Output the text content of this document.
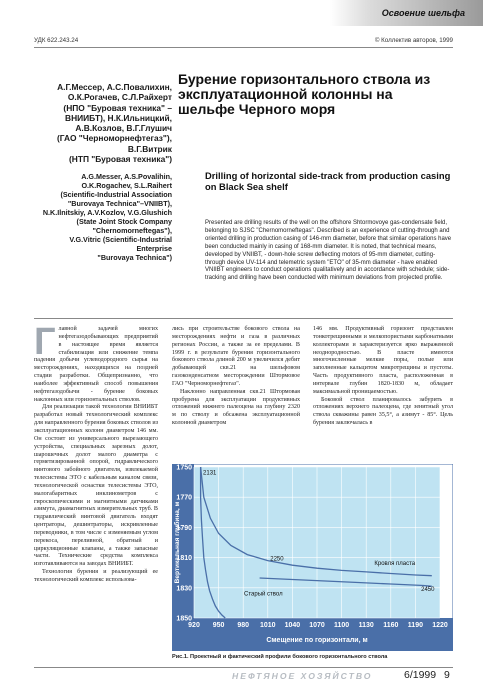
Освоение шельфа
УДК 622.243.24	© Коллектив авторов, 1999
А.Г.Мессер, А.С.Повалихин,
О.К.Рогачев, С.Л.Райхерт
(НПО "Буровая техника" –
ВНИИБТ), Н.К.Ильницкий,
А.В.Козлов, В.Г.Глушич
(ГАО "Черноморнефтегаз"),
В.Г.Витрик
(НТП "Буровая техника")
Бурение горизонтального ствола из эксплуатационной колонны на шельфе Черного моря
A.G.Messer, A.S.Povalihin,
O.K.Rogachev, S.L.Raihert
(Scientific-Industrial Association
"Burovaya Technica"–VNIIBT),
N.K.Ilnitskiy, A.V.Kozlov, V.G.Glushich
(State Joint Stock Company
"Chernomorneftegas"),
V.G.Vitric (Scientific-Industrial Enterprise
"Burovaya Technica")
Drilling of horizontal side-track from production casing on Black Sea shelf
Presented are drilling results of the well on the offshore Shtormovoye gas-condensate field, belonging to SJSC "Chernomorneftegas". Described is an experience of cutting-through and oriented drilling in production casing of 146-mm diameter, before that similar operations have been conducted mainly in casing of 168-mm diameter. It is noted, that technical means, developed by VNIIBT, - down-hole screw deflecting motors of 95-mm diameter, cutting-through device UV-114 and telemetric system "ETO" of 35-mm diameter - have enabled VNIIBT engineers to conduct operations qualitatively and in accordance with schedule; side-tracking and drilling have been conducted with minimum deviations from projected profile.
Г лавной задачей многих нефтегазодобывающих предприятий в настоящее время является стабилизация или снижение темпа падения добычи углеводородного сырья на месторождениях, находящихся на поздней стадии разработки. Общепризнанно, что наиболее эффективный способ повышения нефтегазодобычи - бурение боковых наклонных или горизонтальных стволов.

Для реализации такой технологии ВНИИБТ разработал новый технологический комплекс для направленного бурения боковых стволов из эксплуатационных колонн диаметром 146 мм. Он состоит из универсального вырезающего устройства, специальных зарезных долот, шарошечных долот малого диаметра с герметизированной опорой, гидравлического винтового забойного двигателя, извлекаемой телесистемы ЭТО с кабельным каналом связи, технологической оснастки телесистемы ЭТО, малогабаритных инклинометров с гироскопическими и магнитными датчиками азимута, диамагнитных измерительных труб. В гидравлический винтовой двигатель входят центраторы, дешинтраторы, искривленные переводники, в том числе с изменяемым углом перекоса, переливной, обратный и циркуляционные клапаны, а также запасные части. Технические средства комплекса изготавливаются на заводах ВНИИБТ.

Технология бурения и реализующий ее технологический комплекс использова-

лись при строительстве бокового ствола на месторождениях нефти и газа в различных регионах России, а также за ее пределами. В 1999 г. в результате бурения горизонтального бокового ствола длиной 200 м увеличился дебит добывающей скв.21 на шельфовом газоконденсатном месторождении Штормовое ГАО "Черноморнефтегаз".

Наклонно направленная скв.21 Штормовая пробурена для эксплуатации продуктивных отложений нижнего палеоцена на глубину 2320 м по стволу и обсажена эксплуатационной колонной диаметром

146 мм. Продуктивный горизонт представлен тонкотрещинными и мелкопористыми карбонатными коллекторами и характеризуется ярко выраженной неоднородностью. В пласте имеются многочисленные мелкие поры, полые или заполненные кальцитом микротрещины и пустоты. Часть продуктивного пласта, расположенная в интервале глубин 1820-1830 м, обладает максимальной проницаемостью.

Боковой ствол планировалось забурить в отложениях верхнего палеоцена, где зенитный угол ствола скважины равен 35,5°, а азимут - 85°. Цель бурения заключалась в

920 950 980 1010 1040 1070 1100 1130 1160 1190 1220
1750
1770
1790
1810
1830
1850
Смещение по горизонтали, м
Вертикальная глубина, м
2131
2250
2450
Кровля пласта
Старый ствол
Рис.1. Проектный и фактический профили бокового горизонтального ствола
НЕФТЯНОЕ ХОЗЯЙСТВО	6/1999 9
